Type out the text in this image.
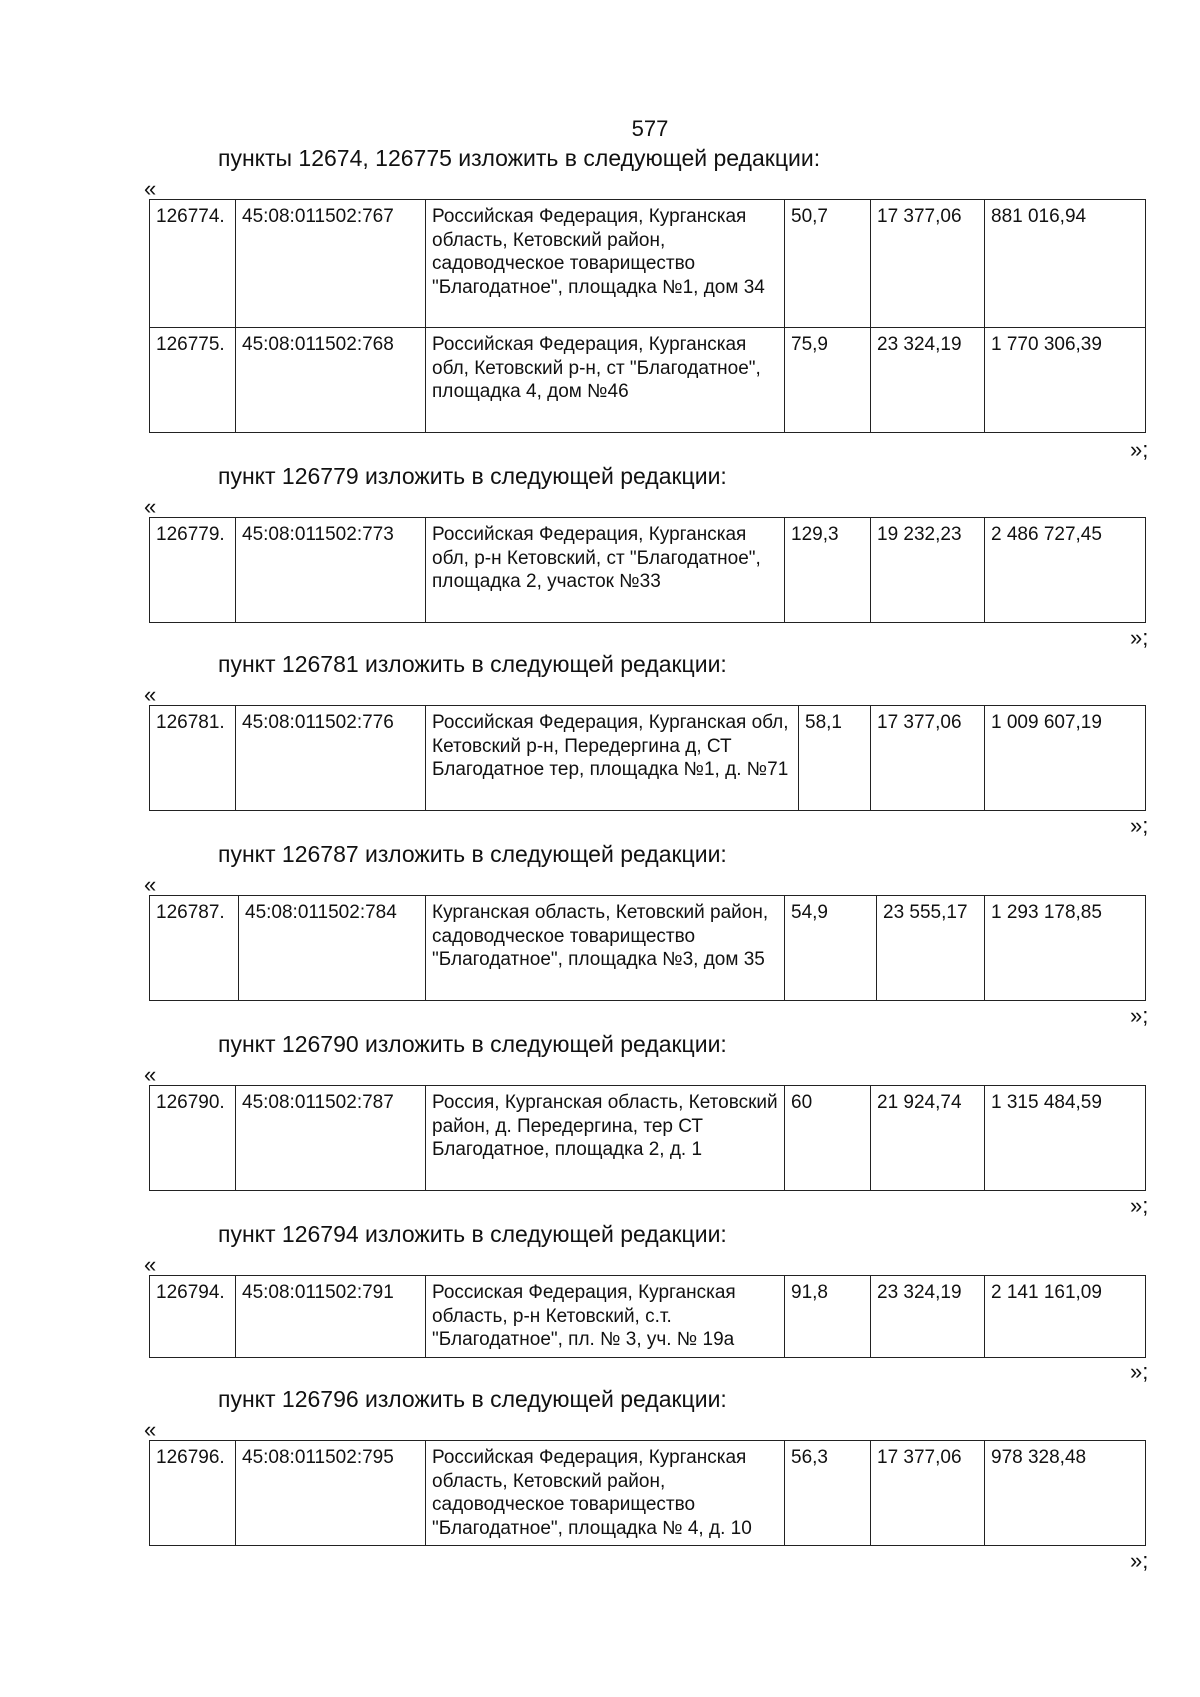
577
пункты 12674, 126775 изложить в следующей редакции:
«
126774.	45:08:011502:767	Российская Федерация, Курганская область, Кетовский район, садоводческое товарищество "Благодатное", площадка №1, дом 34	50,7	17 377,06	881 016,94
126775.	45:08:011502:768	Российская Федерация, Курганская обл, Кетовский р-н, ст "Благодатное", площадка 4, дом №46	75,9	23 324,19	1 770 306,39
»;
пункт 126779 изложить в следующей редакции:
«
126779.	45:08:011502:773	Российская Федерация, Курганская обл, р-н Кетовский, ст "Благодатное", площадка 2, участок №33	129,3	19 232,23	2 486 727,45
»;
пункт 126781 изложить в следующей редакции:
«
126781.	45:08:011502:776	Российская Федерация, Курганская обл, Кетовский р-н, Передергина д, СТ Благодатное тер, площадка №1, д. №71	58,1	17 377,06	1 009 607,19
»;
пункт 126787 изложить в следующей редакции:
«
126787.	45:08:011502:784	Курганская область, Кетовский район, садоводческое товарищество "Благодатное", площадка №3, дом 35	54,9	23 555,17	1 293 178,85
»;
пункт 126790 изложить в следующей редакции:
«
126790.	45:08:011502:787	Россия, Курганская область, Кетовский район, д. Передергина, тер СТ Благодатное, площадка 2, д. 1	60	21 924,74	1 315 484,59
»;
пункт 126794 изложить в следующей редакции:
«
126794.	45:08:011502:791	Россиская Федерация, Курганская область, р-н Кетовский, с.т. "Благодатное", пл. № 3, уч. № 19а	91,8	23 324,19	2 141 161,09
»;
пункт 126796 изложить в следующей редакции:
«
126796.	45:08:011502:795	Российская Федерация, Курганская область, Кетовский район, садоводческое товарищество "Благодатное", площадка № 4, д. 10	56,3	17 377,06	978 328,48
»;
